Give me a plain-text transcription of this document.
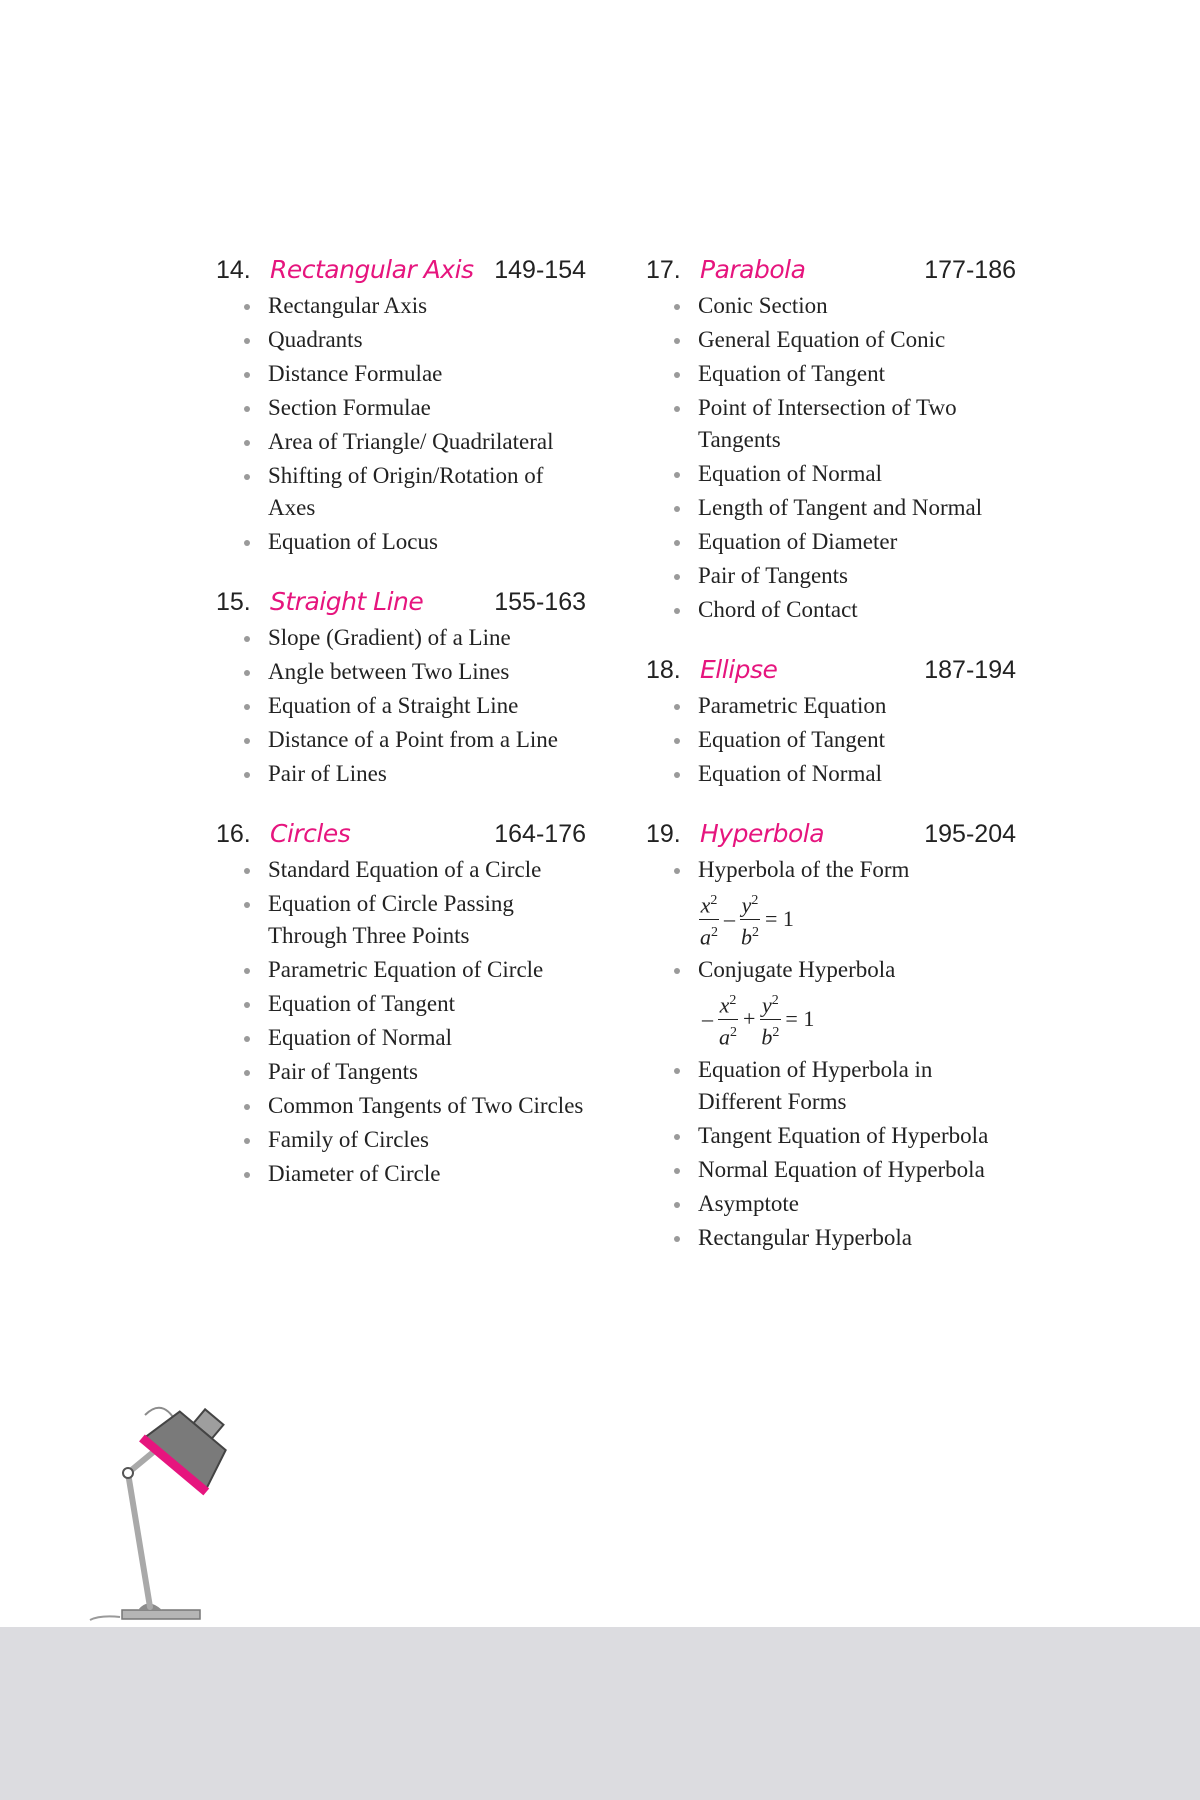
14. Rectangular Axis 149-154
Rectangular Axis
Quadrants
Distance Formulae
Section Formulae
Area of Triangle/ Quadrilateral
Shifting of Origin/Rotation of Axes
Equation of Locus
15. Straight Line	155-163
Slope (Gradient) of a Line
Angle between Two Lines
Equation of a Straight Line
Distance of a Point from a Line
Pair of Lines
16. Circles	164-176
Standard Equation of a Circle
Equation of Circle Passing Through Three Points
Parametric Equation of Circle
Equation of Tangent
Equation of Normal
Pair of Tangents
Common Tangents of Two Circles
Family of Circles
Diameter of Circle
17. Parabola	177-186
Conic Section
General Equation of Conic
Equation of Tangent
Point of Intersection of Two Tangents
Equation of Normal
Length of Tangent and Normal
Equation of Diameter
Pair of Tangents
Chord of Contact
18. Ellipse	187-194
Parametric Equation
Equation of Tangent
Equation of Normal
19. Hyperbola	195-204
Hyperbola of the Form
$\frac{x^2}{a^2} - \frac{y^2}{b^2} = 1$
Conjugate Hyperbola
– $\frac{x^2}{a^2} + \frac{y^2}{b^2} = 1$
Equation of Hyperbola in Different Forms
Tangent Equation of Hyperbola
Normal Equation of Hyperbola
Asymptote
Rectangular Hyperbola
